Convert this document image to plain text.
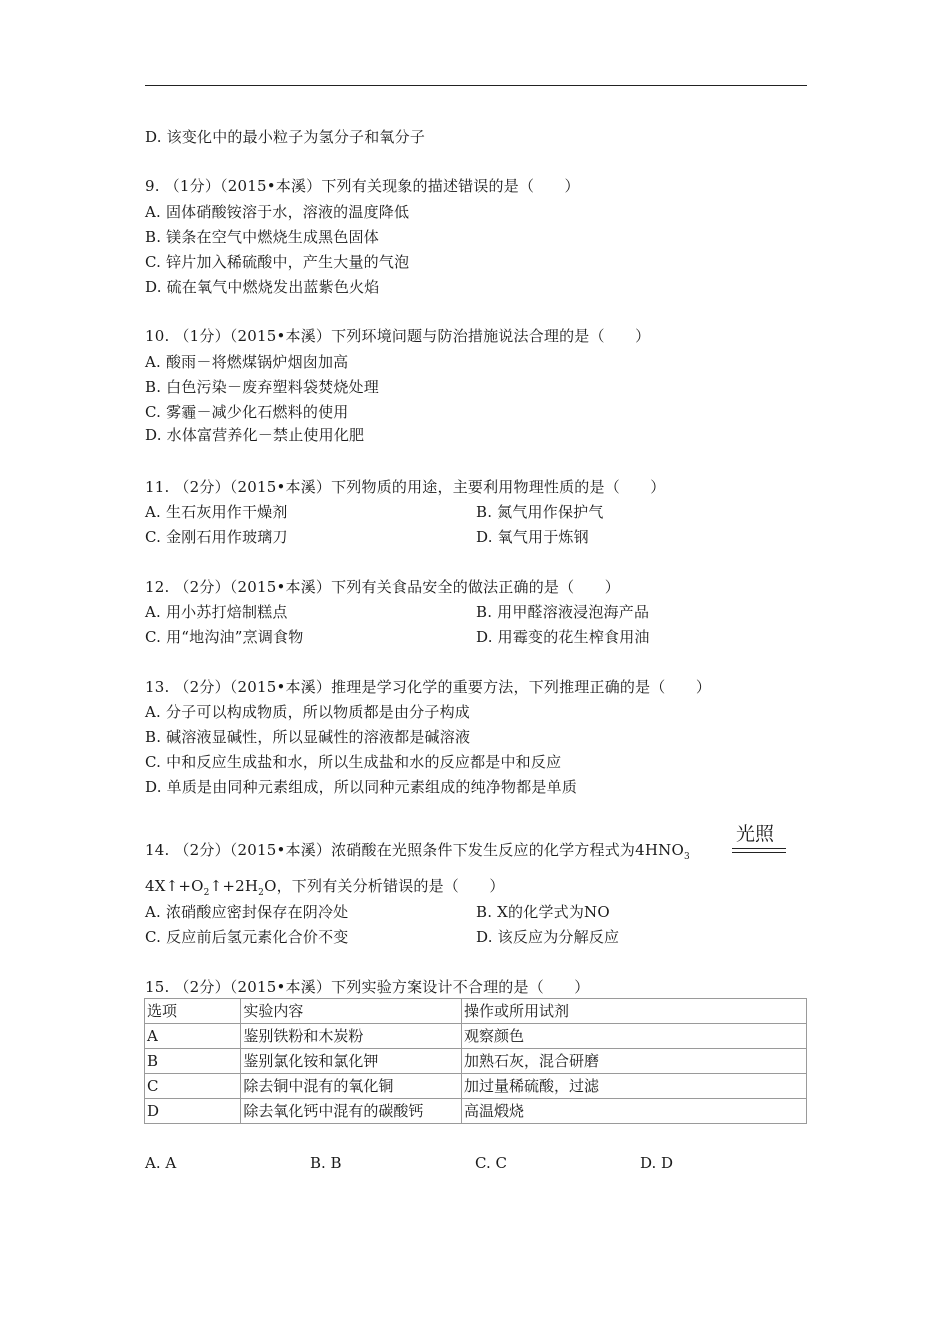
D. 该变化中的最小粒子为氢分子和氧分子
9. （1分）（2015•本溪）下列有关现象的描述错误的是（　　）
A. 固体硝酸铵溶于水，溶液的温度降低
B. 镁条在空气中燃烧生成黑色固体
C. 锌片加入稀硫酸中，产生大量的气泡
D. 硫在氧气中燃烧发出蓝紫色火焰
10. （1分）（2015•本溪）下列环境问题与防治措施说法合理的是（　　）
A. 酸雨－将燃煤锅炉烟囱加高
B. 白色污染－废弃塑料袋焚烧处理
C. 雾霾－减少化石燃料的使用
D. 水体富营养化－禁止使用化肥
11. （2分）（2015•本溪）下列物质的用途，主要利用物理性质的是（　　）
A. 生石灰用作干燥剂	B. 氮气用作保护气
C. 金刚石用作玻璃刀	D. 氧气用于炼钢
12. （2分）（2015•本溪）下列有关食品安全的做法正确的是（　　）
A. 用小苏打焙制糕点	B. 用甲醛溶液浸泡海产品
C. 用“地沟油”烹调食物	D. 用霉变的花生榨食用油
13. （2分）（2015•本溪）推理是学习化学的重要方法，下列推理正确的是（　　）
A. 分子可以构成物质，所以物质都是由分子构成
B. 碱溶液显碱性，所以显碱性的溶液都是碱溶液
C. 中和反应生成盐和水，所以生成盐和水的反应都是中和反应
D. 单质是由同种元素组成，所以同种元素组成的纯净物都是单质
14. （2分）（2015•本溪）浓硝酸在光照条件下发生反应的化学方程式为$4HNO_3$
光照
$4X↑+O_2↑+2H_2O$，下列有关分析错误的是（　　）
A. 浓硝酸应密封保存在阴冷处	B. X的化学式为NO
C. 反应前后氢元素化合价不变	D. 该反应为分解反应
15. （2分）（2015•本溪）下列实验方案设计不合理的是（　　）
选项	实验内容	操作或所用试剂
A	鉴别铁粉和木炭粉	观察颜色
B	鉴别氯化铵和氯化钾	加熟石灰，混合研磨
C	除去铜中混有的氧化铜	加过量稀硫酸，过滤
D	除去氧化钙中混有的碳酸钙	高温煅烧
A. A	B. B	C. C	D. D
